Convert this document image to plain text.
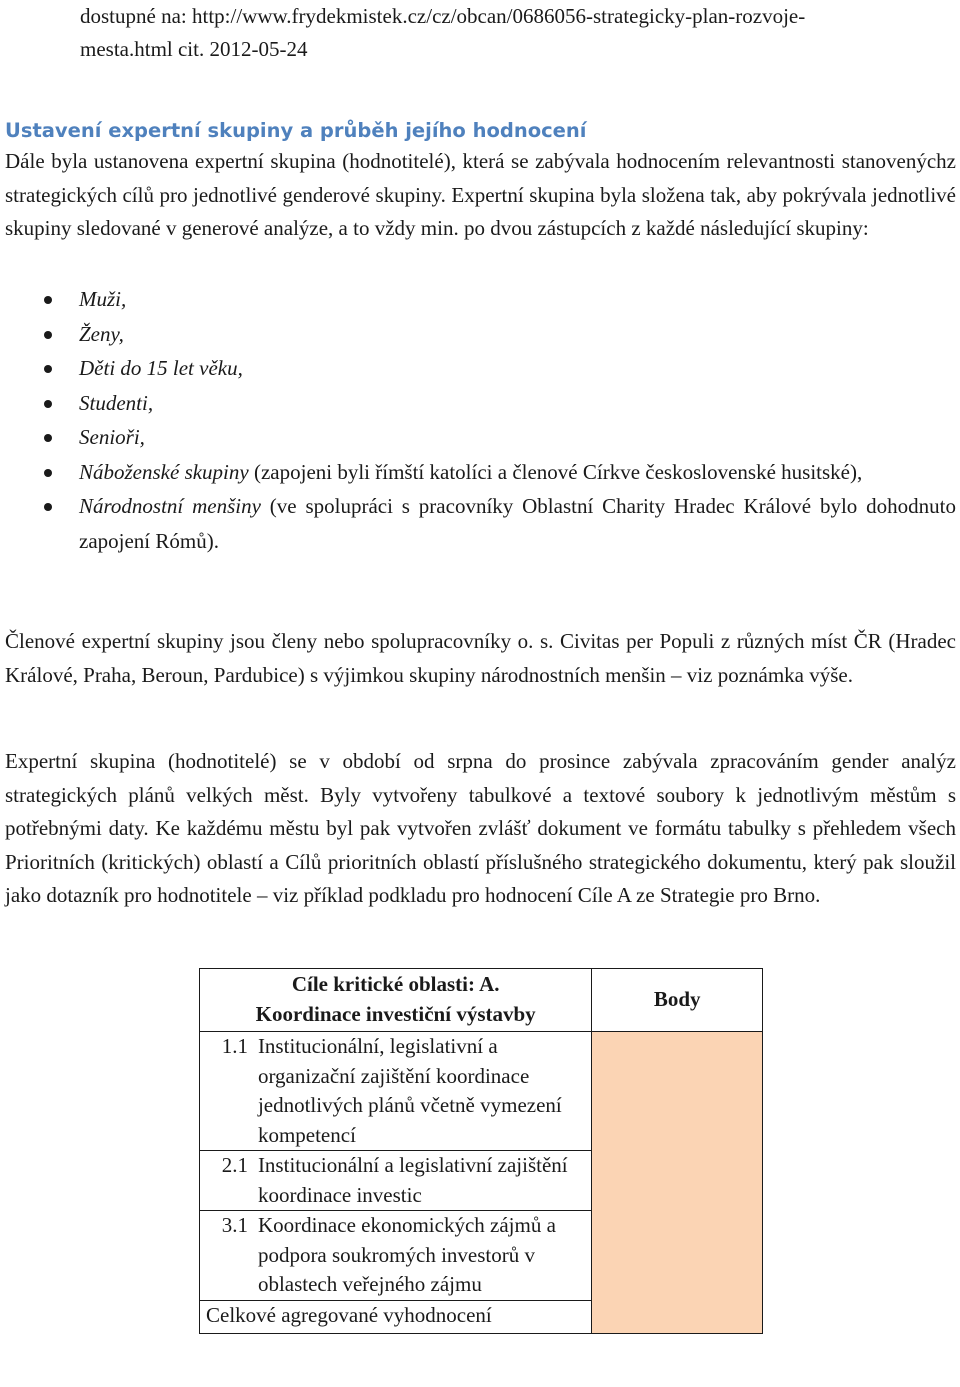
dostupné na: http://www.frydekmistek.cz/cz/obcan/0686056-strategicky-plan-rozvoje-
mesta.html cit. 2012-05-24
Ustavení expertní skupiny a průběh jejího hodnocení

Dále byla ustanovena expertní skupina (hodnotitelé), která se zabývala hodnocením relevantnosti stanovenýchz strategických cílů pro jednotlivé genderové skupiny. Expertní skupina byla složena tak, aby pokrývala jednotlivé skupiny sledované v generové analýze, a to vždy min. po dvou zástupcích z každé následující skupiny:

Muži,
Ženy,
Děti do 15 let věku,
Studenti,
Senioři,
Náboženské skupiny (zapojeni byli římští katolíci a členové Církve československé husitské),
Národnostní menšiny (ve spolupráci s pracovníky Oblastní Charity Hradec Králové bylo dohodnuto zapojení Rómů).

Členové expertní skupiny jsou členy nebo spolupracovníky o. s. Civitas per Populi z různých míst ČR (Hradec Králové, Praha, Beroun, Pardubice) s výjimkou skupiny národnostních menšin – viz poznámka výše.

Expertní skupina (hodnotitelé) se v období od srpna do prosince zabývala zpracováním gender analýz strategických plánů velkých měst. Byly vytvořeny tabulkové a textové soubory k jednotlivým městům s potřebnými daty. Ke každému městu byl pak vytvořen zvlášť dokument ve formátu tabulky s přehledem všech Prioritních (kritických) oblastí a Cílů prioritních oblastí příslušného strategického dokumentu, který pak sloužil jako dotazník pro hodnotitele – viz příklad podkladu pro hodnocení Cíle A ze Strategie pro Brno.

Cíle kritické oblasti: A.
Koordinace investiční výstavby		Body
1.1	Institucionální, legislativní a organizační zajištění koordinace jednotlivých plánů včetně vymezení kompetencí	
2.1	Institucionální a legislativní zajištění koordinace investic	
3.1	Koordinace ekonomických zájmů a podpora soukromých investorů v oblastech veřejného zájmu	
Celkové agregované vyhodnocení		
